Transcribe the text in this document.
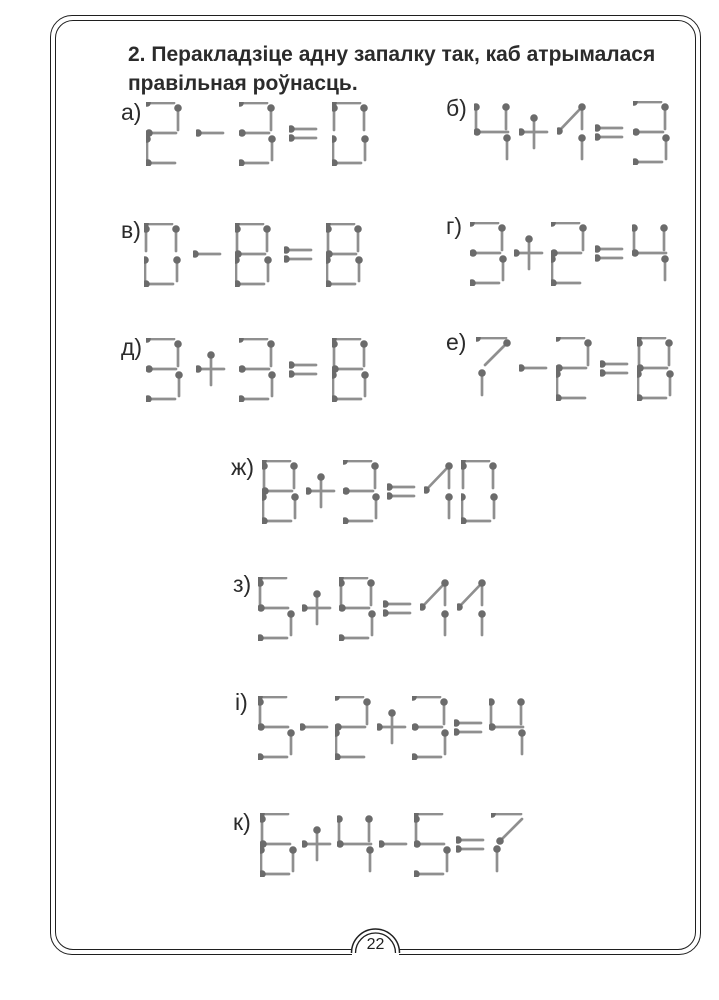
2. Перакладзіце адну запалку так, каб атрымалася правільная роўнасць.
а)	б)
в)	г)
д)	е)
ж)
з)
і)
к)
22
